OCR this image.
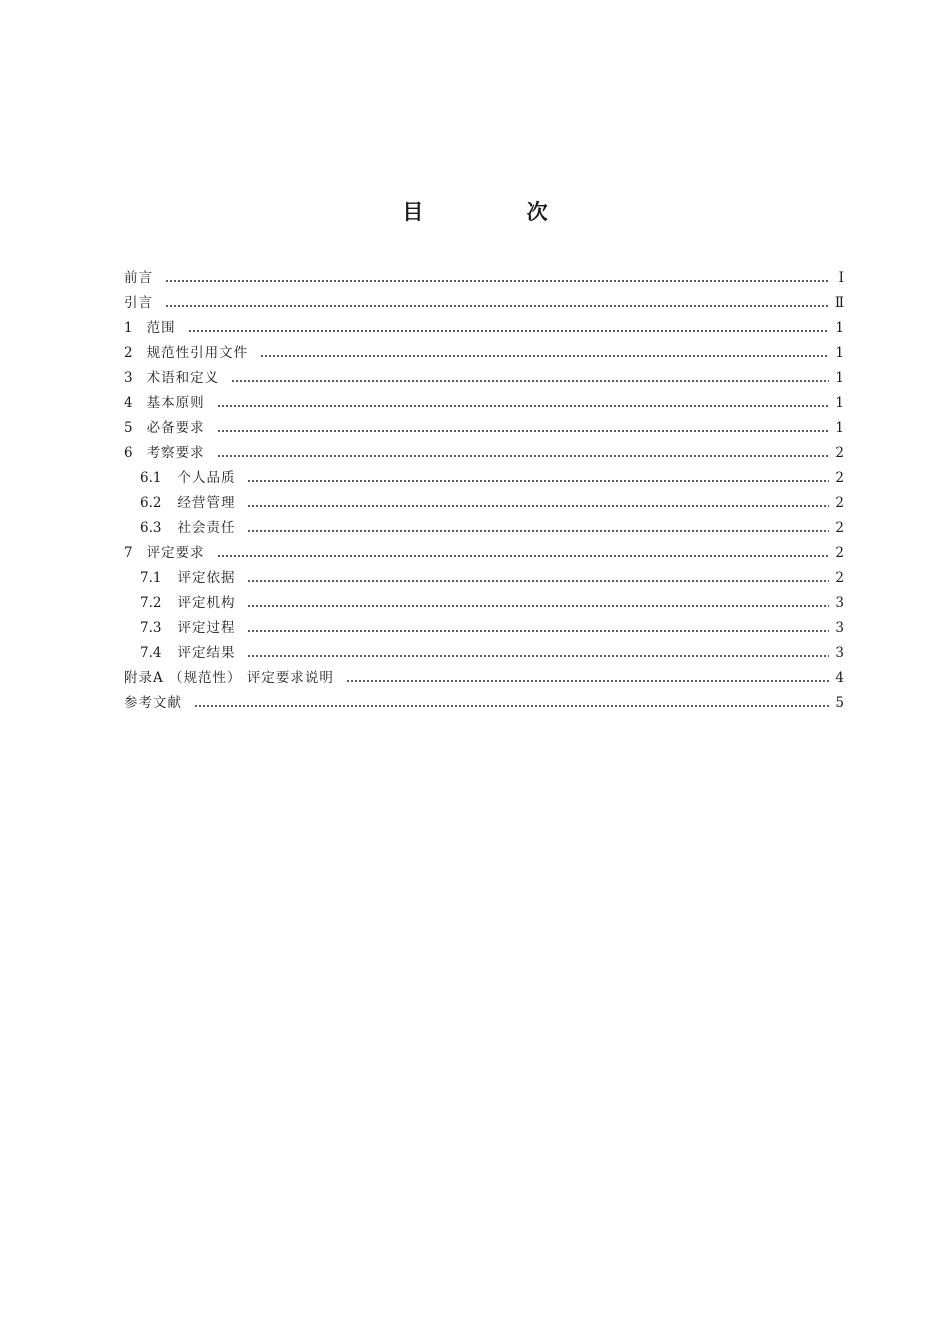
目 次
前言	Ⅰ
引言	Ⅱ
1 范围	1
2 规范性引用文件	1
3 术语和定义	1
4 基本原则	1
5 必备要求	1
6 考察要求	2
6.1 个人品质	2
6.2 经营管理	2
6.3 社会责任	2
7 评定要求	2
7.1 评定依据	2
7.2 评定机构	3
7.3 评定过程	3
7.4 评定结果	3
附录A （规范性） 评定要求说明	4
参考文献	5
